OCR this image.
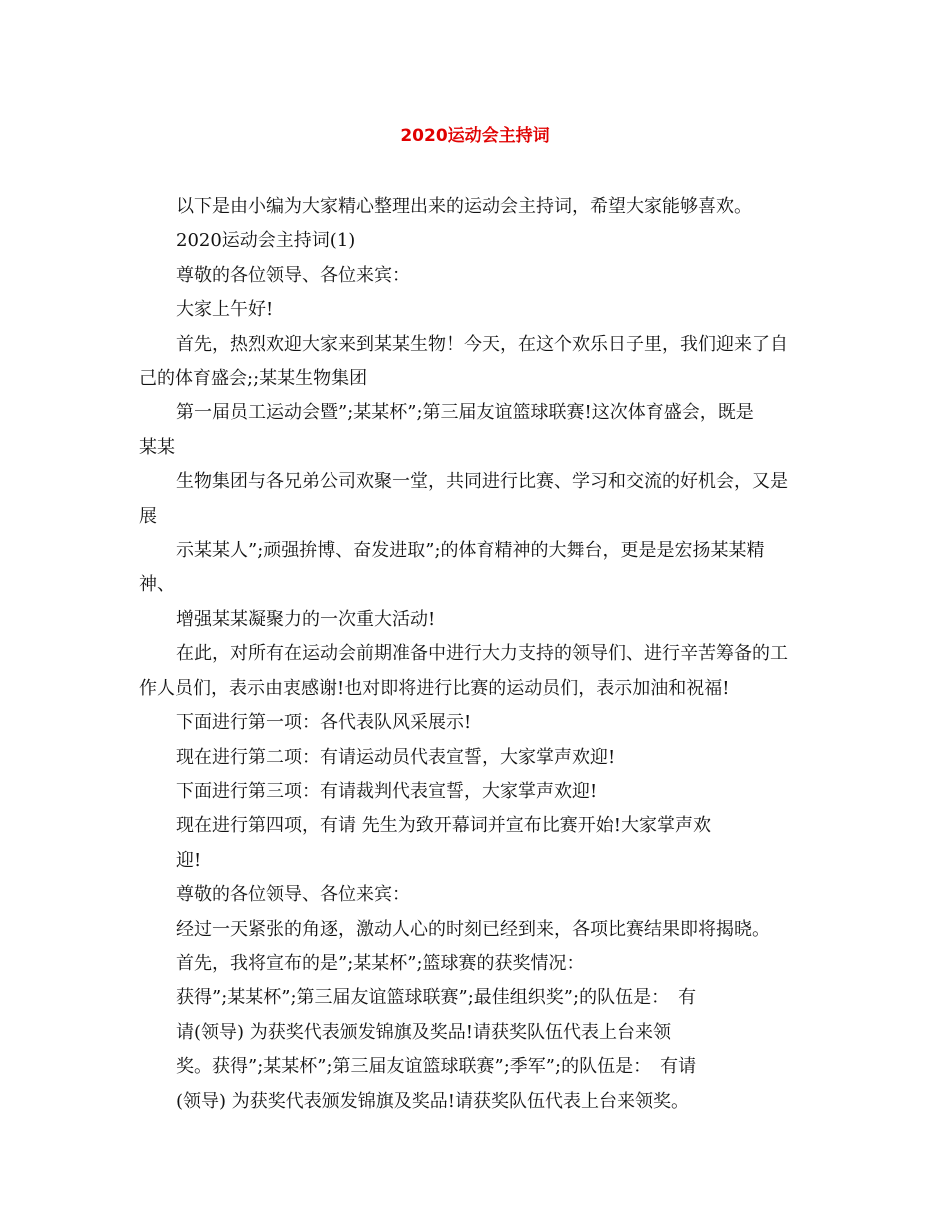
2020运动会主持词

以下是由小编为大家精心整理出来的运动会主持词，希望大家能够喜欢。

2020运动会主持词(1)

尊敬的各位领导、各位来宾：

大家上午好!

首先，热烈欢迎大家来到某某生物！今天，在这个欢乐日子里，我们迎来了自

己的体育盛会;;某某生物集团

第一届员工运动会暨”;某某杯”;第三届友谊篮球联赛!这次体育盛会，既是

某某

生物集团与各兄弟公司欢聚一堂，共同进行比赛、学习和交流的好机会，又是

展

示某某人”;顽强拚博、奋发进取”;的体育精神的大舞台，更是是宏扬某某精

神、

增强某某凝聚力的一次重大活动!

在此，对所有在运动会前期准备中进行大力支持的领导们、进行辛苦筹备的工

作人员们，表示由衷感谢!也对即将进行比赛的运动员们，表示加油和祝福!

下面进行第一项：各代表队风采展示!

现在进行第二项：有请运动员代表宣誓，大家掌声欢迎!

下面进行第三项：有请裁判代表宣誓，大家掌声欢迎!

现在进行第四项，有请 先生为致开幕词并宣布比赛开始!大家掌声欢

迎!

尊敬的各位领导、各位来宾：

经过一天紧张的角逐，激动人心的时刻已经到来，各项比赛结果即将揭晓。

首先，我将宣布的是”;某某杯”;篮球赛的获奖情况：

获得”;某某杯”;第三届友谊篮球联赛”;最佳组织奖”;的队伍是：　有

请(领导) 为获奖代表颁发锦旗及奖品!请获奖队伍代表上台来领

奖。获得”;某某杯”;第三届友谊篮球联赛”;季军”;的队伍是：　有请

(领导) 为获奖代表颁发锦旗及奖品!请获奖队伍代表上台来领奖。
